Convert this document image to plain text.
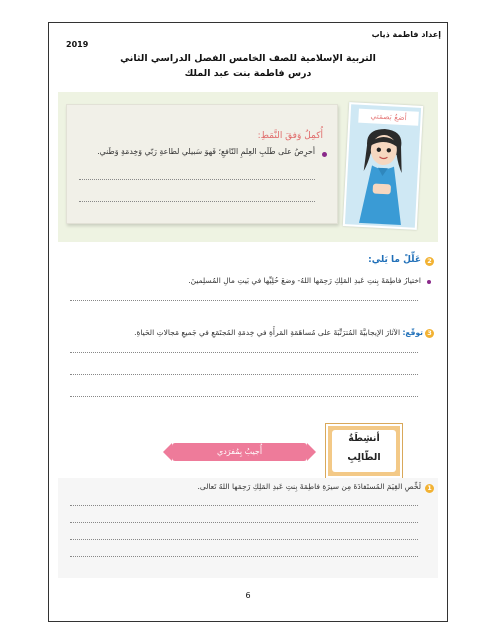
إعداد فاطمة ذياب
2019
التربية الإسلامية للصف الخامس الفصل الدراسي الثاني
درس فاطمة بنت عبد الملك
أُكمِلُ وَفقَ النَّمَطِ:
أحرِصُ على طَلَبِ العِلمِ النّافعِ؛ فَهوَ سَبيلي لطاعةِ رَبّي وَخِدمَةِ وَطَني.
أضعُ بَصمَتي
2
عَلِّلْ ما يَلي:
اختيارُ فاطِمَةَ بِنتِ عَبدِ المَلِكِ رَحِمَها اللهُ- وضعَ حُلِيِّها في بَيتِ مالِ المُسلِمينَ.
3
توقّع: الآثارَ الإيجابيَّةَ المُترَتِّبَةَ على مُساهَمَةِ المَرأَةِ في خِدمَةِ المُجتَمَعِ في جَميعِ مَجالاتِ الحَياةِ.
أُجيبُ بِمُفرَدي
أنشِطَةُ
الطّالِبِ
1
لَخِّصِ القِيَمَ المُستَفادَةَ مِن سيرَةِ فاطِمَةَ بِنتِ عَبدِ المَلِكِ رَحِمَها اللهُ تَعالى.
6
